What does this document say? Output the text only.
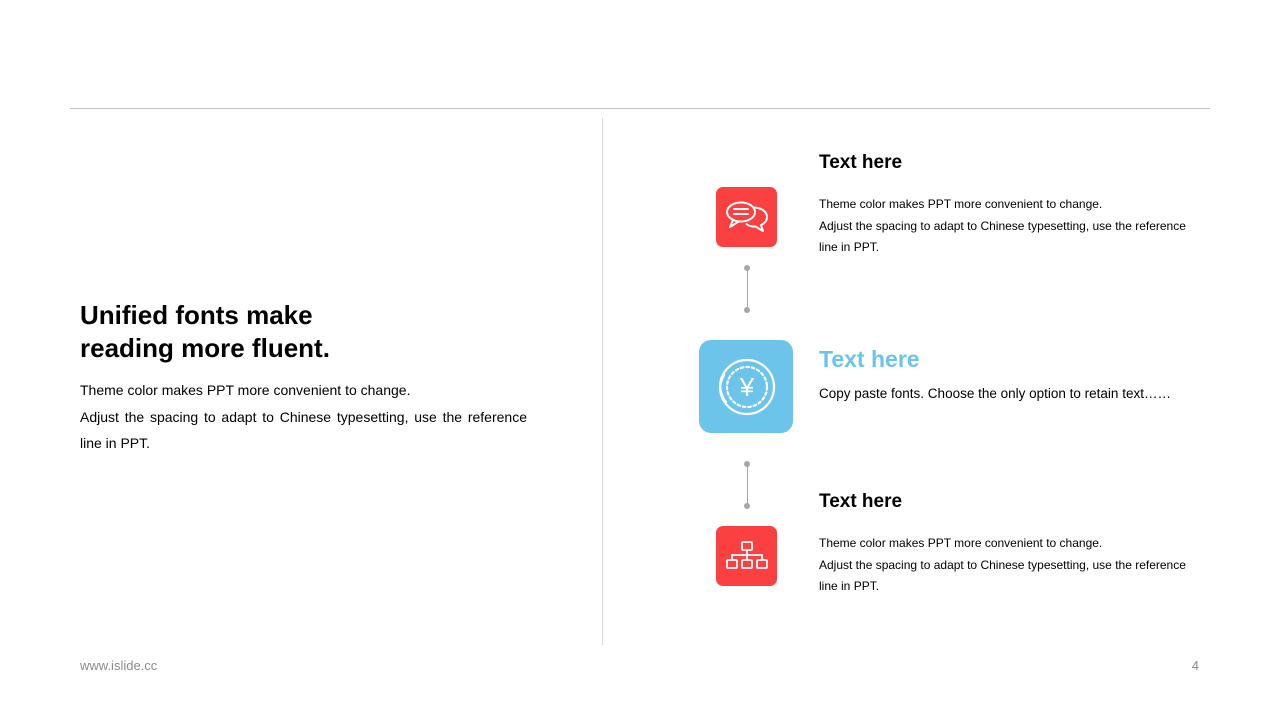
Unified fonts make
reading more fluent.

Theme color makes PPT more convenient to change.

Adjust the spacing to adapt to Chinese typesetting, use the reference line in PPT.

Text here

Theme color makes PPT more convenient to change.

Adjust the spacing to adapt to Chinese typesetting, use the reference line in PPT.

¥
Text here

Copy paste fonts. Choose the only option to retain text……

Text here

Theme color makes PPT more convenient to change.

Adjust the spacing to adapt to Chinese typesetting, use the reference line in PPT.

www.islide.cc	4
